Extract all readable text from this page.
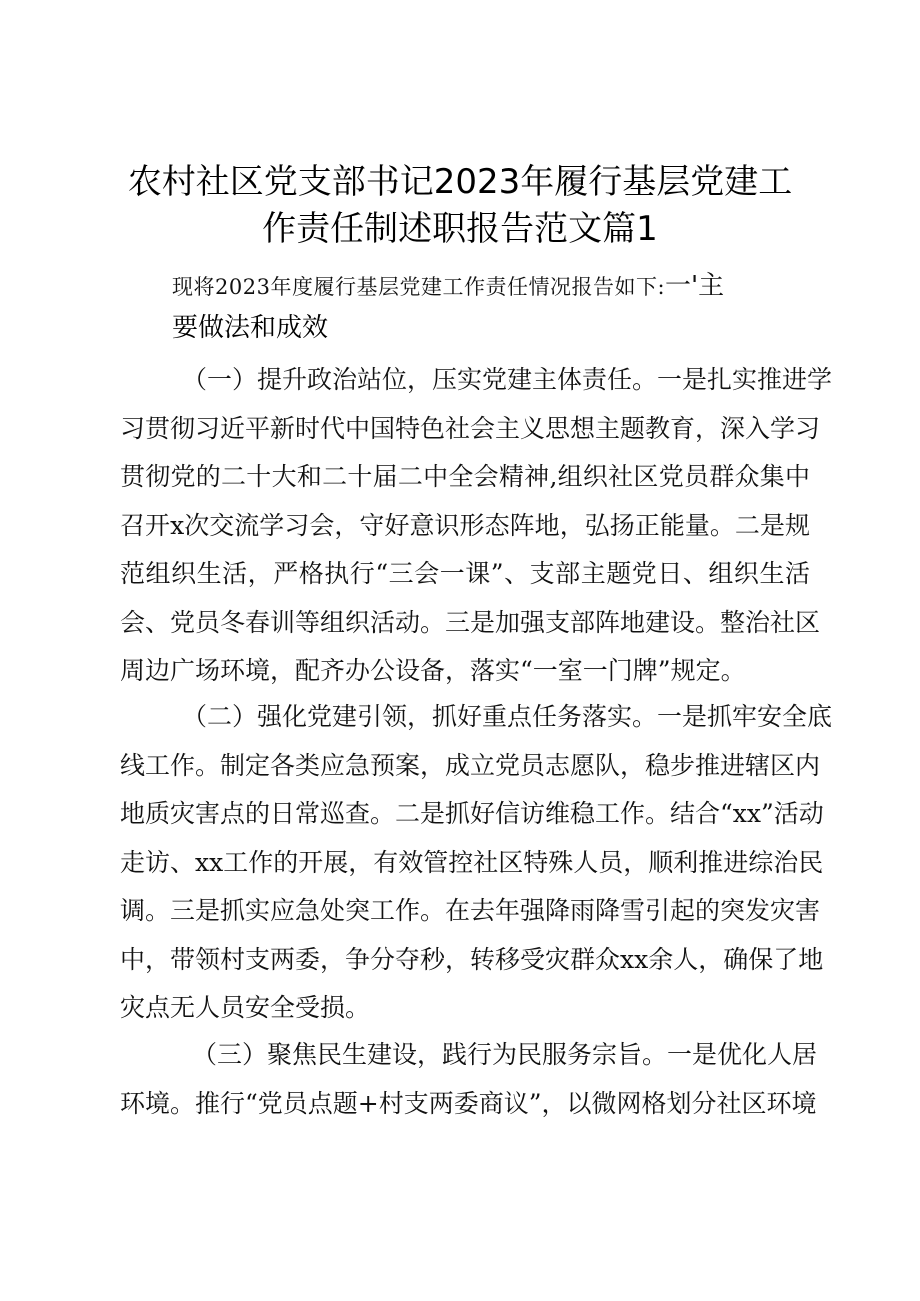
农村社区党支部书记2023年履行基层党建工
作责任制述职报告范文篇1
现将2023年度履行基层党建工作责任情况报告如下:一'主
要做法和成效
（一）提升政治站位，压实党建主体责任。一是扎实推进学
习贯彻习近平新时代中国特色社会主义思想主题教育，深入学习
贯彻党的二十大和二十届二中全会精神,组织社区党员群众集中
召开x次交流学习会，守好意识形态阵地，弘扬正能量。二是规
范组织生活，严格执行“三会一课”、支部主题党日、组织生活
会、党员冬春训等组织活动。三是加强支部阵地建设。整治社区
周边广场环境，配齐办公设备，落实“一室一门牌”规定。
（二）强化党建引领，抓好重点任务落实。一是抓牢安全底
线工作。制定各类应急预案，成立党员志愿队，稳步推进辖区内
地质灾害点的日常巡查。二是抓好信访维稳工作。结合“xx”活动
走访、xx工作的开展，有效管控社区特殊人员，顺利推进综治民
调。三是抓实应急处突工作。在去年强降雨降雪引起的突发灾害
中，带领村支两委，争分夺秒，转移受灾群众xx余人，确保了地
灾点无人员安全受损。
（三）聚焦民生建设，践行为民服务宗旨。一是优化人居
环境。推行“党员点题+村支两委商议”，以微网格划分社区环境
